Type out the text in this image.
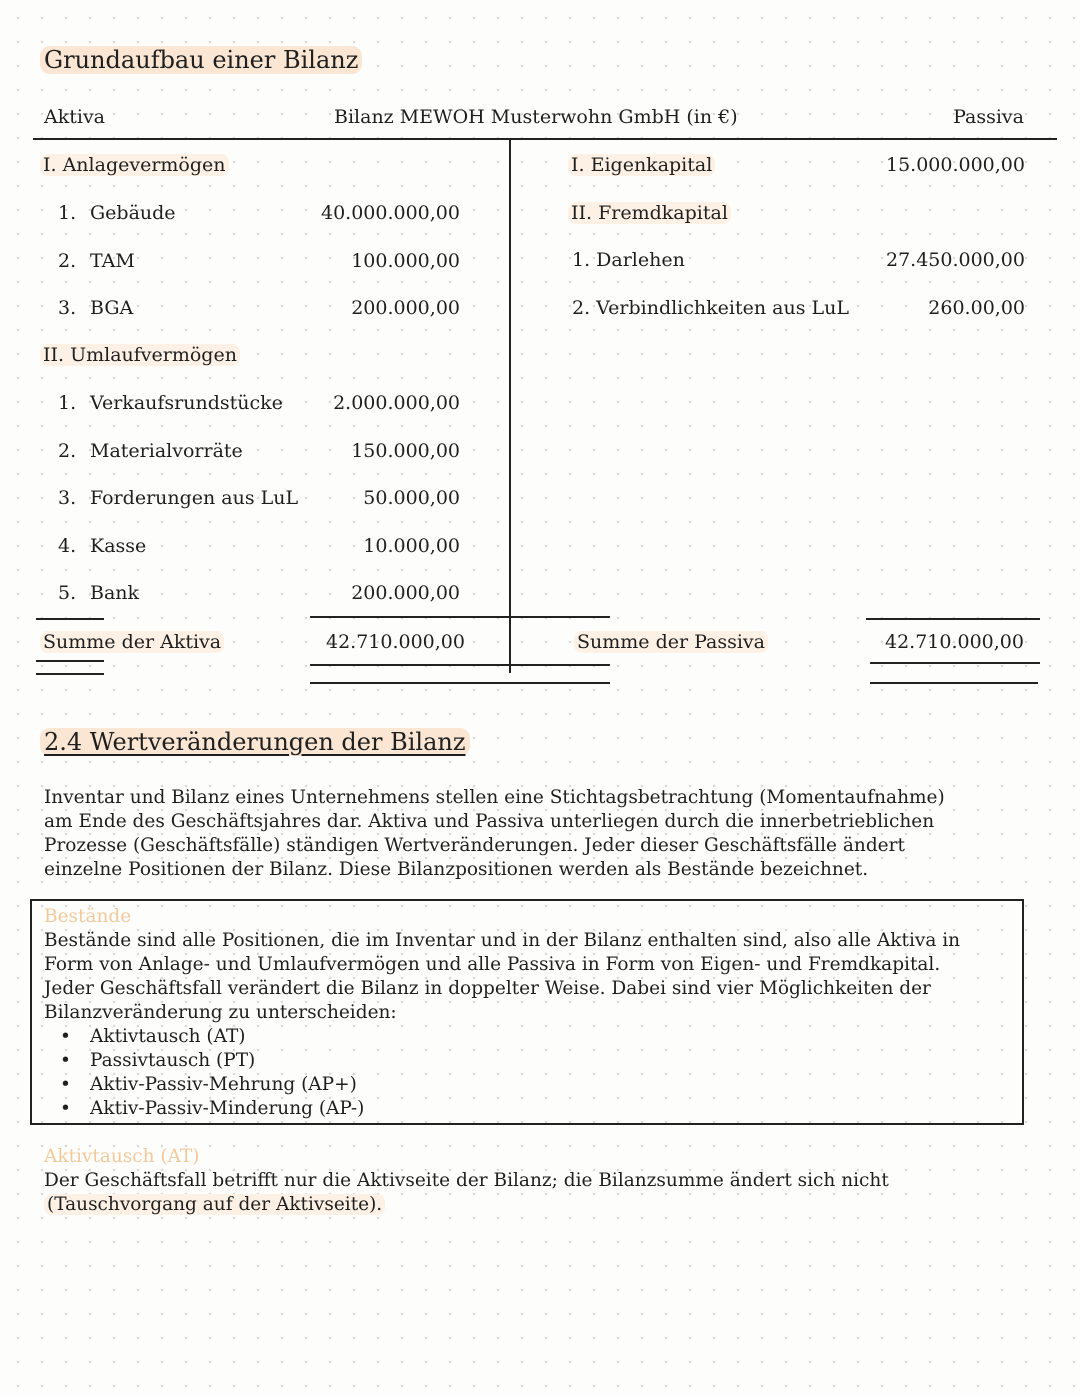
Grundaufbau einer Bilanz
Aktiva	Bilanz MEWOH Musterwohn GmbH (in €)	Passiva
I. Anlagevermögen
1. Gebäude	40.000.000,00
2. TAM	100.000,00
3. BGA	200.000,00
II. Umlaufvermögen
1. Verkaufsrundstücke	2.000.000,00
2. Materialvorräte	150.000,00
3. Forderungen aus LuL	50.000,00
4. Kasse	10.000,00
5. Bank	200.000,00
Summe der Aktiva	42.710.000,00
I. Eigenkapital	15.000.000,00
II. Fremdkapital
1. Darlehen	27.450.000,00
2. Verbindlichkeiten aus LuL	260.00,00
Summe der Passiva	42.710.000,00
2.4 Wertveränderungen der Bilanz
Inventar und Bilanz eines Unternehmens stellen eine Stichtagsbetrachtung (Momentaufnahme)
am Ende des Geschäftsjahres dar. Aktiva und Passiva unterliegen durch die innerbetrieblichen
Prozesse (Geschäftsfälle) ständigen Wertveränderungen. Jeder dieser Geschäftsfälle ändert
einzelne Positionen der Bilanz. Diese Bilanzpositionen werden als Bestände bezeichnet.
Bestände
Bestände sind alle Positionen, die im Inventar und in der Bilanz enthalten sind, also alle Aktiva in
Form von Anlage- und Umlaufvermögen und alle Passiva in Form von Eigen- und Fremdkapital.
Jeder Geschäftsfall verändert die Bilanz in doppelter Weise. Dabei sind vier Möglichkeiten der
Bilanzveränderung zu unterscheiden:
• Aktivtausch (AT)
• Passivtausch (PT)
• Aktiv-Passiv-Mehrung (AP+)
• Aktiv-Passiv-Minderung (AP-)
Aktivtausch (AT)
Der Geschäftsfall betrifft nur die Aktivseite der Bilanz; die Bilanzsumme ändert sich nicht
(Tauschvorgang auf der Aktivseite).
